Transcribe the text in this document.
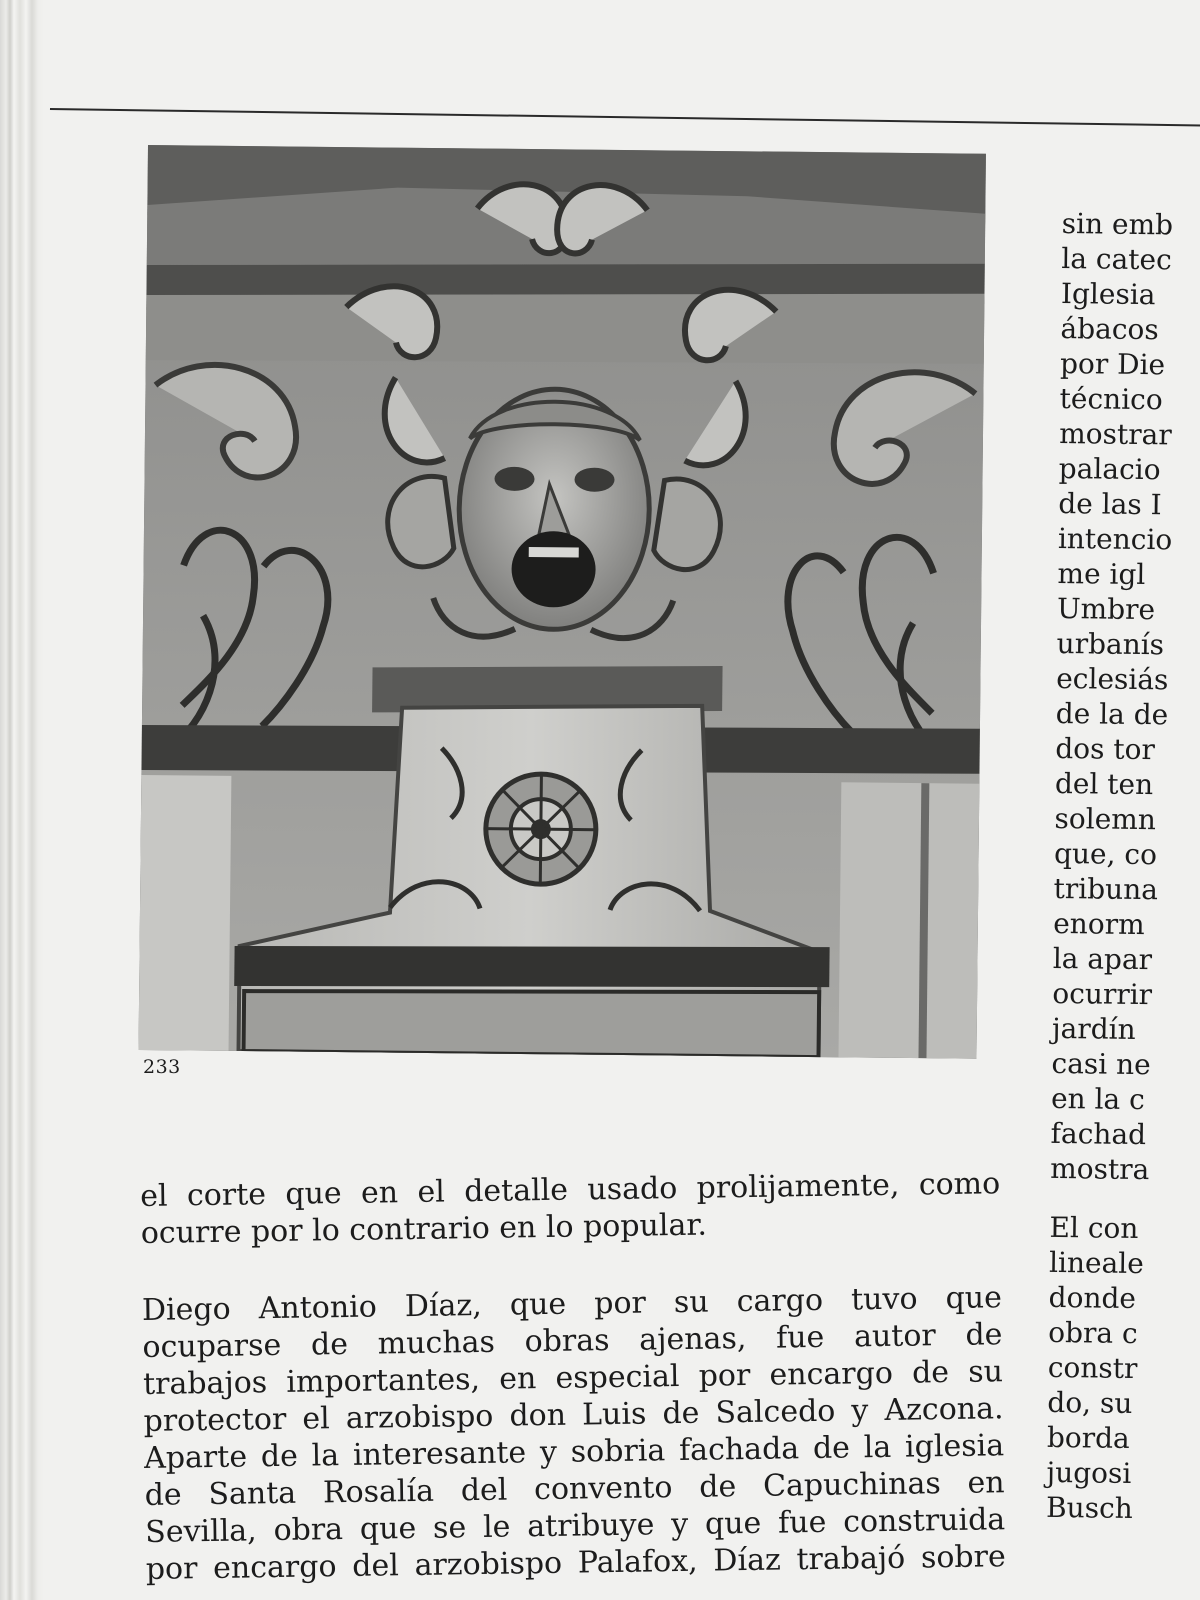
233

el corte que en el detalle usado prolijamente, como
ocurre por lo contrario en lo popular.

Diego Antonio Díaz, que por su cargo tuvo que
ocuparse de muchas obras ajenas, fue autor de
trabajos importantes, en especial por encargo de su
protector el arzobispo don Luis de Salcedo y Azcona.
Aparte de la interesante y sobria fachada de la iglesia
de Santa Rosalía del convento de Capuchinas en
Sevilla, obra que se le atribuye y que fue construida
por encargo del arzobispo Palafox, Díaz trabajó sobre

sin emb
la catec
Iglesia
ábacos
por Die
técnico
mostrar
palacio
de las I
intencio
me igl
Umbre
urbanís
eclesiás
de la de
dos tor
del ten
solemn
que, co
tribuna
enorm
la apar
ocurrir
jardín
casi ne
en la c
fachad
mostra
El con
lineale
donde
obra c
constr
do, su
borda
jugosi
Busch
